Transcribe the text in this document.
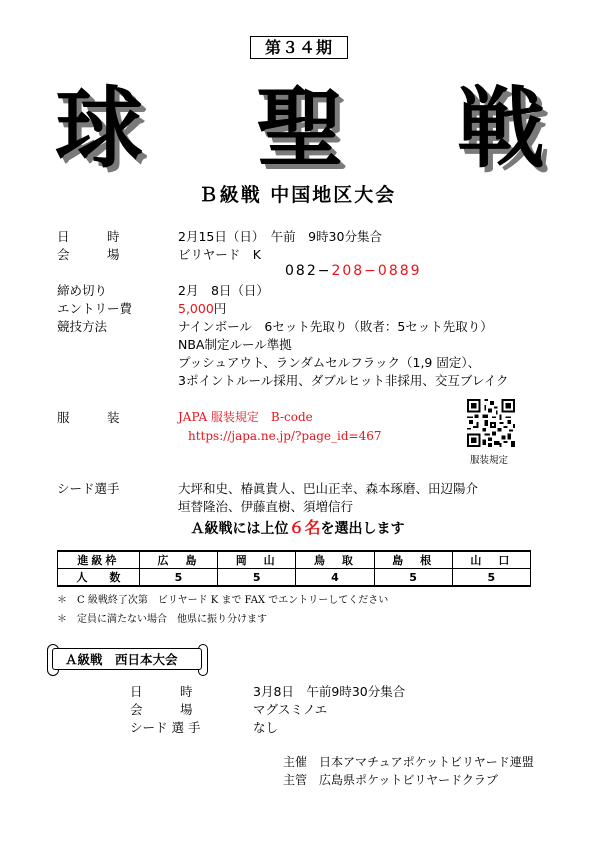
第３４期
球 聖 戦
Ｂ級戦 中国地区大会
日　　　時	2月15日（日）　午前　9時30分集合
会　　　場	ビリヤード　K
082−208−0889
締め切り	2月　8日（日）
エントリー費	5,000円
競技方法	ナインボール　6セット先取り（敗者：5セット先取り）
NBA制定ルール準拠
プッシュアウト、ランダムセルフラック（1,9 固定）、
3ポイントルール採用、ダブルヒット非採用、交互ブレイク
服　　　装	JAPA 服装規定　B-code
https://japa.ne.jp/?page_id=467
服装規定
シード選手	大坪和史、椿眞貴人、巴山正幸、森本琢磨、田辺陽介
垣替隆治、伊藤直樹、須増信行
Ａ級戦には上位６名を選出します
進級枠	広　島	岡　山	鳥　取	島　根	山　口
人　　数	5	5	4	5	5
＊　C 級戦終了次第　ビリヤード K まで FAX でエントリーしてください
＊　定員に満たない場合　他県に振り分けます
Ａ級戦　西日本大会
日　　　時	3月8日　午前9時30分集合
会　　　場	マグスミノエ
シード 選 手	なし
主催　日本アマチュアポケットビリヤード連盟
主管　広島県ポケットビリヤードクラブ
